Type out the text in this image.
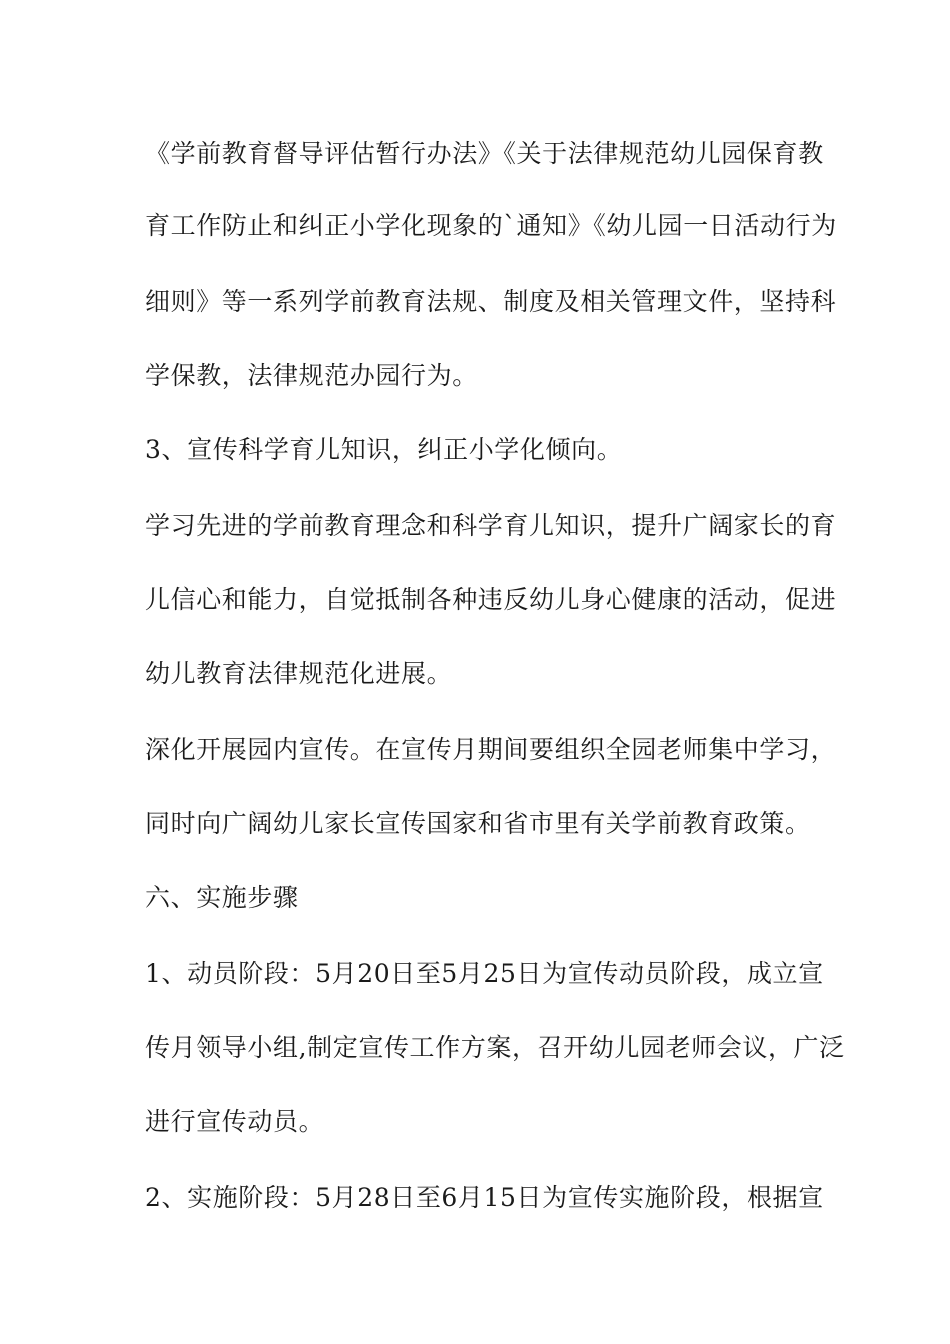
《学前教育督导评估暂行办法》《关于法律规范幼儿园保育教
育工作防止和纠正小学化现象的`通知》《幼儿园一日活动行为
细则》等一系列学前教育法规、制度及相关管理文件，坚持科
学保教，法律规范办园行为。
3、宣传科学育儿知识，纠正小学化倾向。
学习先进的学前教育理念和科学育儿知识，提升广阔家长的育
儿信心和能力，自觉抵制各种违反幼儿身心健康的活动，促进
幼儿教育法律规范化进展。
深化开展园内宣传。在宣传月期间要组织全园老师集中学习，
同时向广阔幼儿家长宣传国家和省市里有关学前教育政策。
六、实施步骤
1、动员阶段：5月20日至5月25日为宣传动员阶段，成立宣
传月领导小组,制定宣传工作方案，召开幼儿园老师会议，广泛
进行宣传动员。
2、实施阶段：5月28日至6月15日为宣传实施阶段，根据宣
